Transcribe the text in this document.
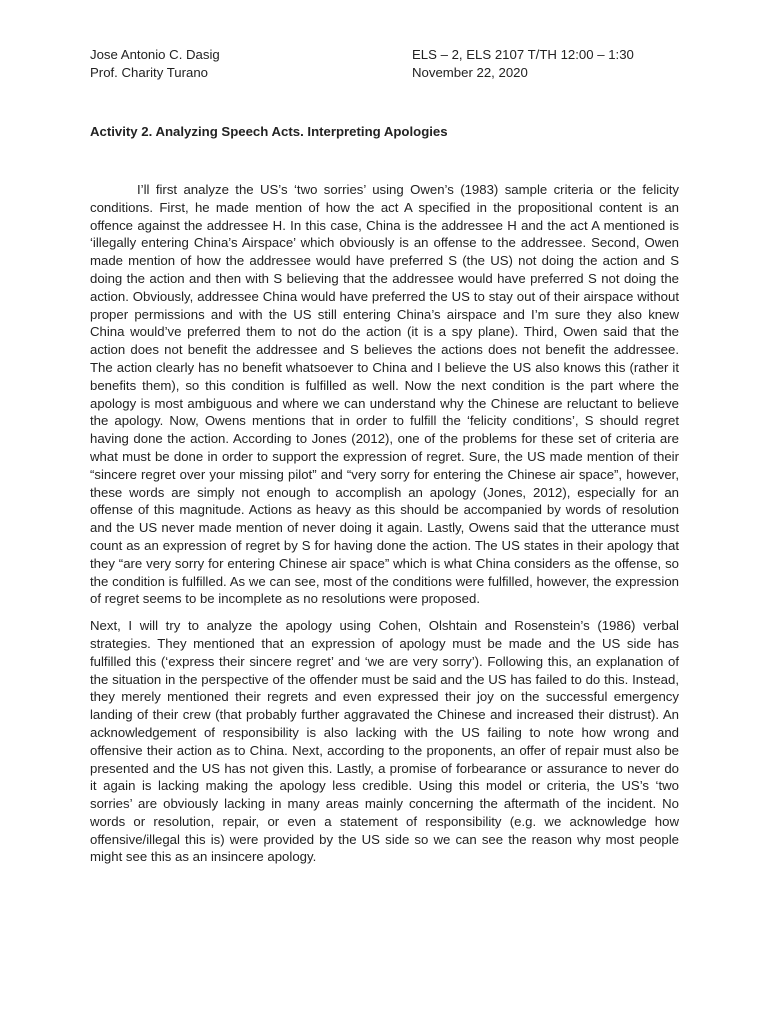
Jose Antonio C. Dasig	ELS – 2, ELS 2107 T/TH 12:00 – 1:30
Prof. Charity Turano	November 22, 2020
Activity 2. Analyzing Speech Acts. Interpreting Apologies

I’ll first analyze the US’s ‘two sorries’ using Owen’s (1983) sample criteria or the felicity conditions. First, he made mention of how the act A specified in the propositional content is an offence against the addressee H. In this case, China is the addressee H and the act A mentioned is ‘illegally entering China’s Airspace’ which obviously is an offense to the addressee. Second, Owen made mention of how the addressee would have preferred S (the US) not doing the action and S doing the action and then with S believing that the addressee would have preferred S not doing the action. Obviously, addressee China would have preferred the US to stay out of their airspace without proper permissions and with the US still entering China’s airspace and I’m sure they also knew China would’ve preferred them to not do the action (it is a spy plane). Third, Owen said that the action does not benefit the addressee and S believes the actions does not benefit the addressee. The action clearly has no benefit whatsoever to China and I believe the US also knows this (rather it benefits them), so this condition is fulfilled as well. Now the next condition is the part where the apology is most ambiguous and where we can understand why the Chinese are reluctant to believe the apology. Now, Owens mentions that in order to fulfill the ‘felicity conditions’, S should regret having done the action. According to Jones (2012), one of the problems for these set of criteria are what must be done in order to support the expression of regret. Sure, the US made mention of their “sincere regret over your missing pilot” and “very sorry for entering the Chinese air space”, however, these words are simply not enough to accomplish an apology (Jones, 2012), especially for an offense of this magnitude. Actions as heavy as this should be accompanied by words of resolution and the US never made mention of never doing it again. Lastly, Owens said that the utterance must count as an expression of regret by S for having done the action. The US states in their apology that they “are very sorry for entering Chinese air space” which is what China considers as the offense, so the condition is fulfilled. As we can see, most of the conditions were fulfilled, however, the expression of regret seems to be incomplete as no resolutions were proposed.

Next, I will try to analyze the apology using Cohen, Olshtain and Rosenstein’s (1986) verbal strategies. They mentioned that an expression of apology must be made and the US side has fulfilled this (‘express their sincere regret’ and ‘we are very sorry’). Following this, an explanation of the situation in the perspective of the offender must be said and the US has failed to do this. Instead, they merely mentioned their regrets and even expressed their joy on the successful emergency landing of their crew (that probably further aggravated the Chinese and increased their distrust). An acknowledgement of responsibility is also lacking with the US failing to note how wrong and offensive their action as to China. Next, according to the proponents, an offer of repair must also be presented and the US has not given this. Lastly, a promise of forbearance or assurance to never do it again is lacking making the apology less credible. Using this model or criteria, the US’s ‘two sorries’ are obviously lacking in many areas mainly concerning the aftermath of the incident. No words or resolution, repair, or even a statement of responsibility (e.g. we acknowledge how offensive/illegal this is) were provided by the US side so we can see the reason why most people might see this as an insincere apology.
